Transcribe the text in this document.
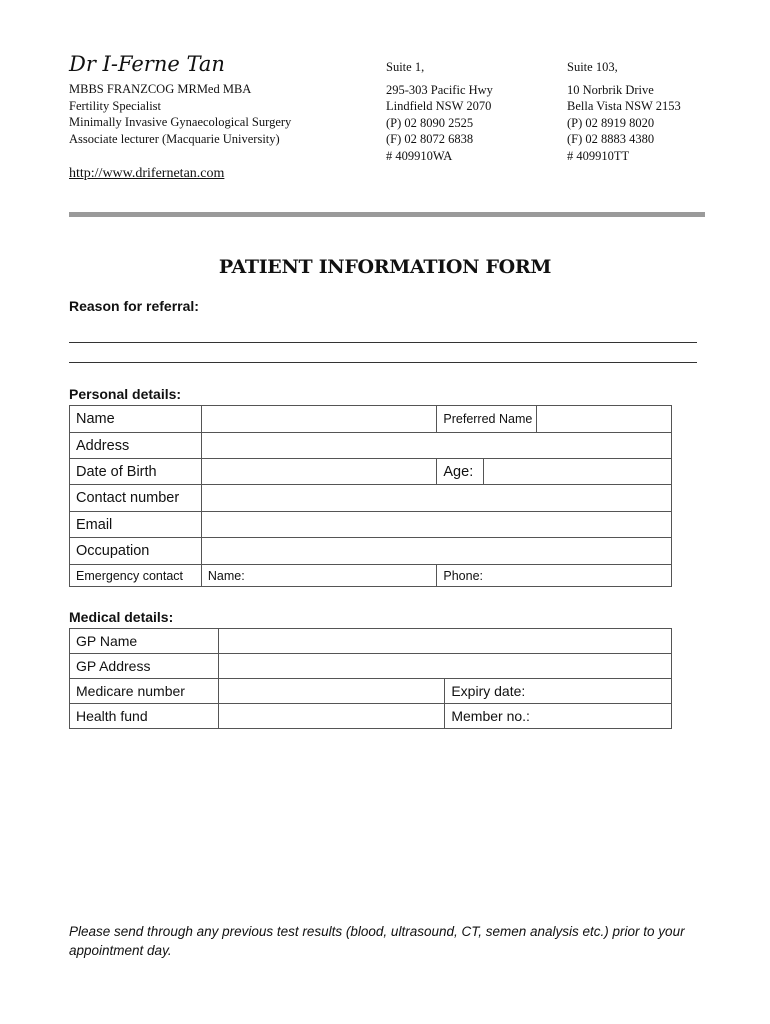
Dr I-Ferne Tan
MBBS FRANZCOG MRMed MBA
Fertility Specialist
Minimally Invasive Gynaecological Surgery
Associate lecturer (Macquarie University)
Suite 1,
295-303 Pacific Hwy
Lindfield NSW 2070
(P) 02 8090 2525
(F) 02 8072 6838
# 409910WA
Suite 103,
10 Norbrik Drive
Bella Vista NSW 2153
(P) 02 8919 8020
(F) 02 8883 4380
# 409910TT
http://www.drifernetan.com
PATIENT INFORMATION FORM
Reason for referral:
Personal details:
Name		Preferred Name		
Address				
Date of Birth		Age:		
Contact number				
Email				
Occupation				
Emergency contact	Name:	Phone:		
Medical details:
GP Name		
GP Address		
Medicare number		Expiry date:
Health fund		Member no.:
Please send through any previous test results (blood, ultrasound, CT, semen analysis etc.) prior to your appointment day.
